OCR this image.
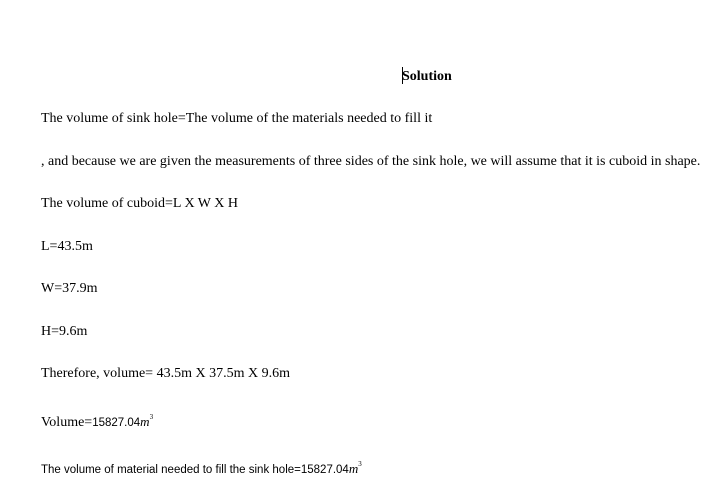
Solution
The volume of sink hole=The volume of the materials needed to fill it
, and because we are given the measurements of three sides of the sink hole, we will assume that it is cuboid in shape.
The volume of cuboid=L X W X H
L=43.5m
W=37.9m
H=9.6m
Therefore, volume= 43.5m X 37.5m X 9.6m
$Volume=15827.04m^3$
The volume of material needed to fill the sink $hole=15827.04m^3$
